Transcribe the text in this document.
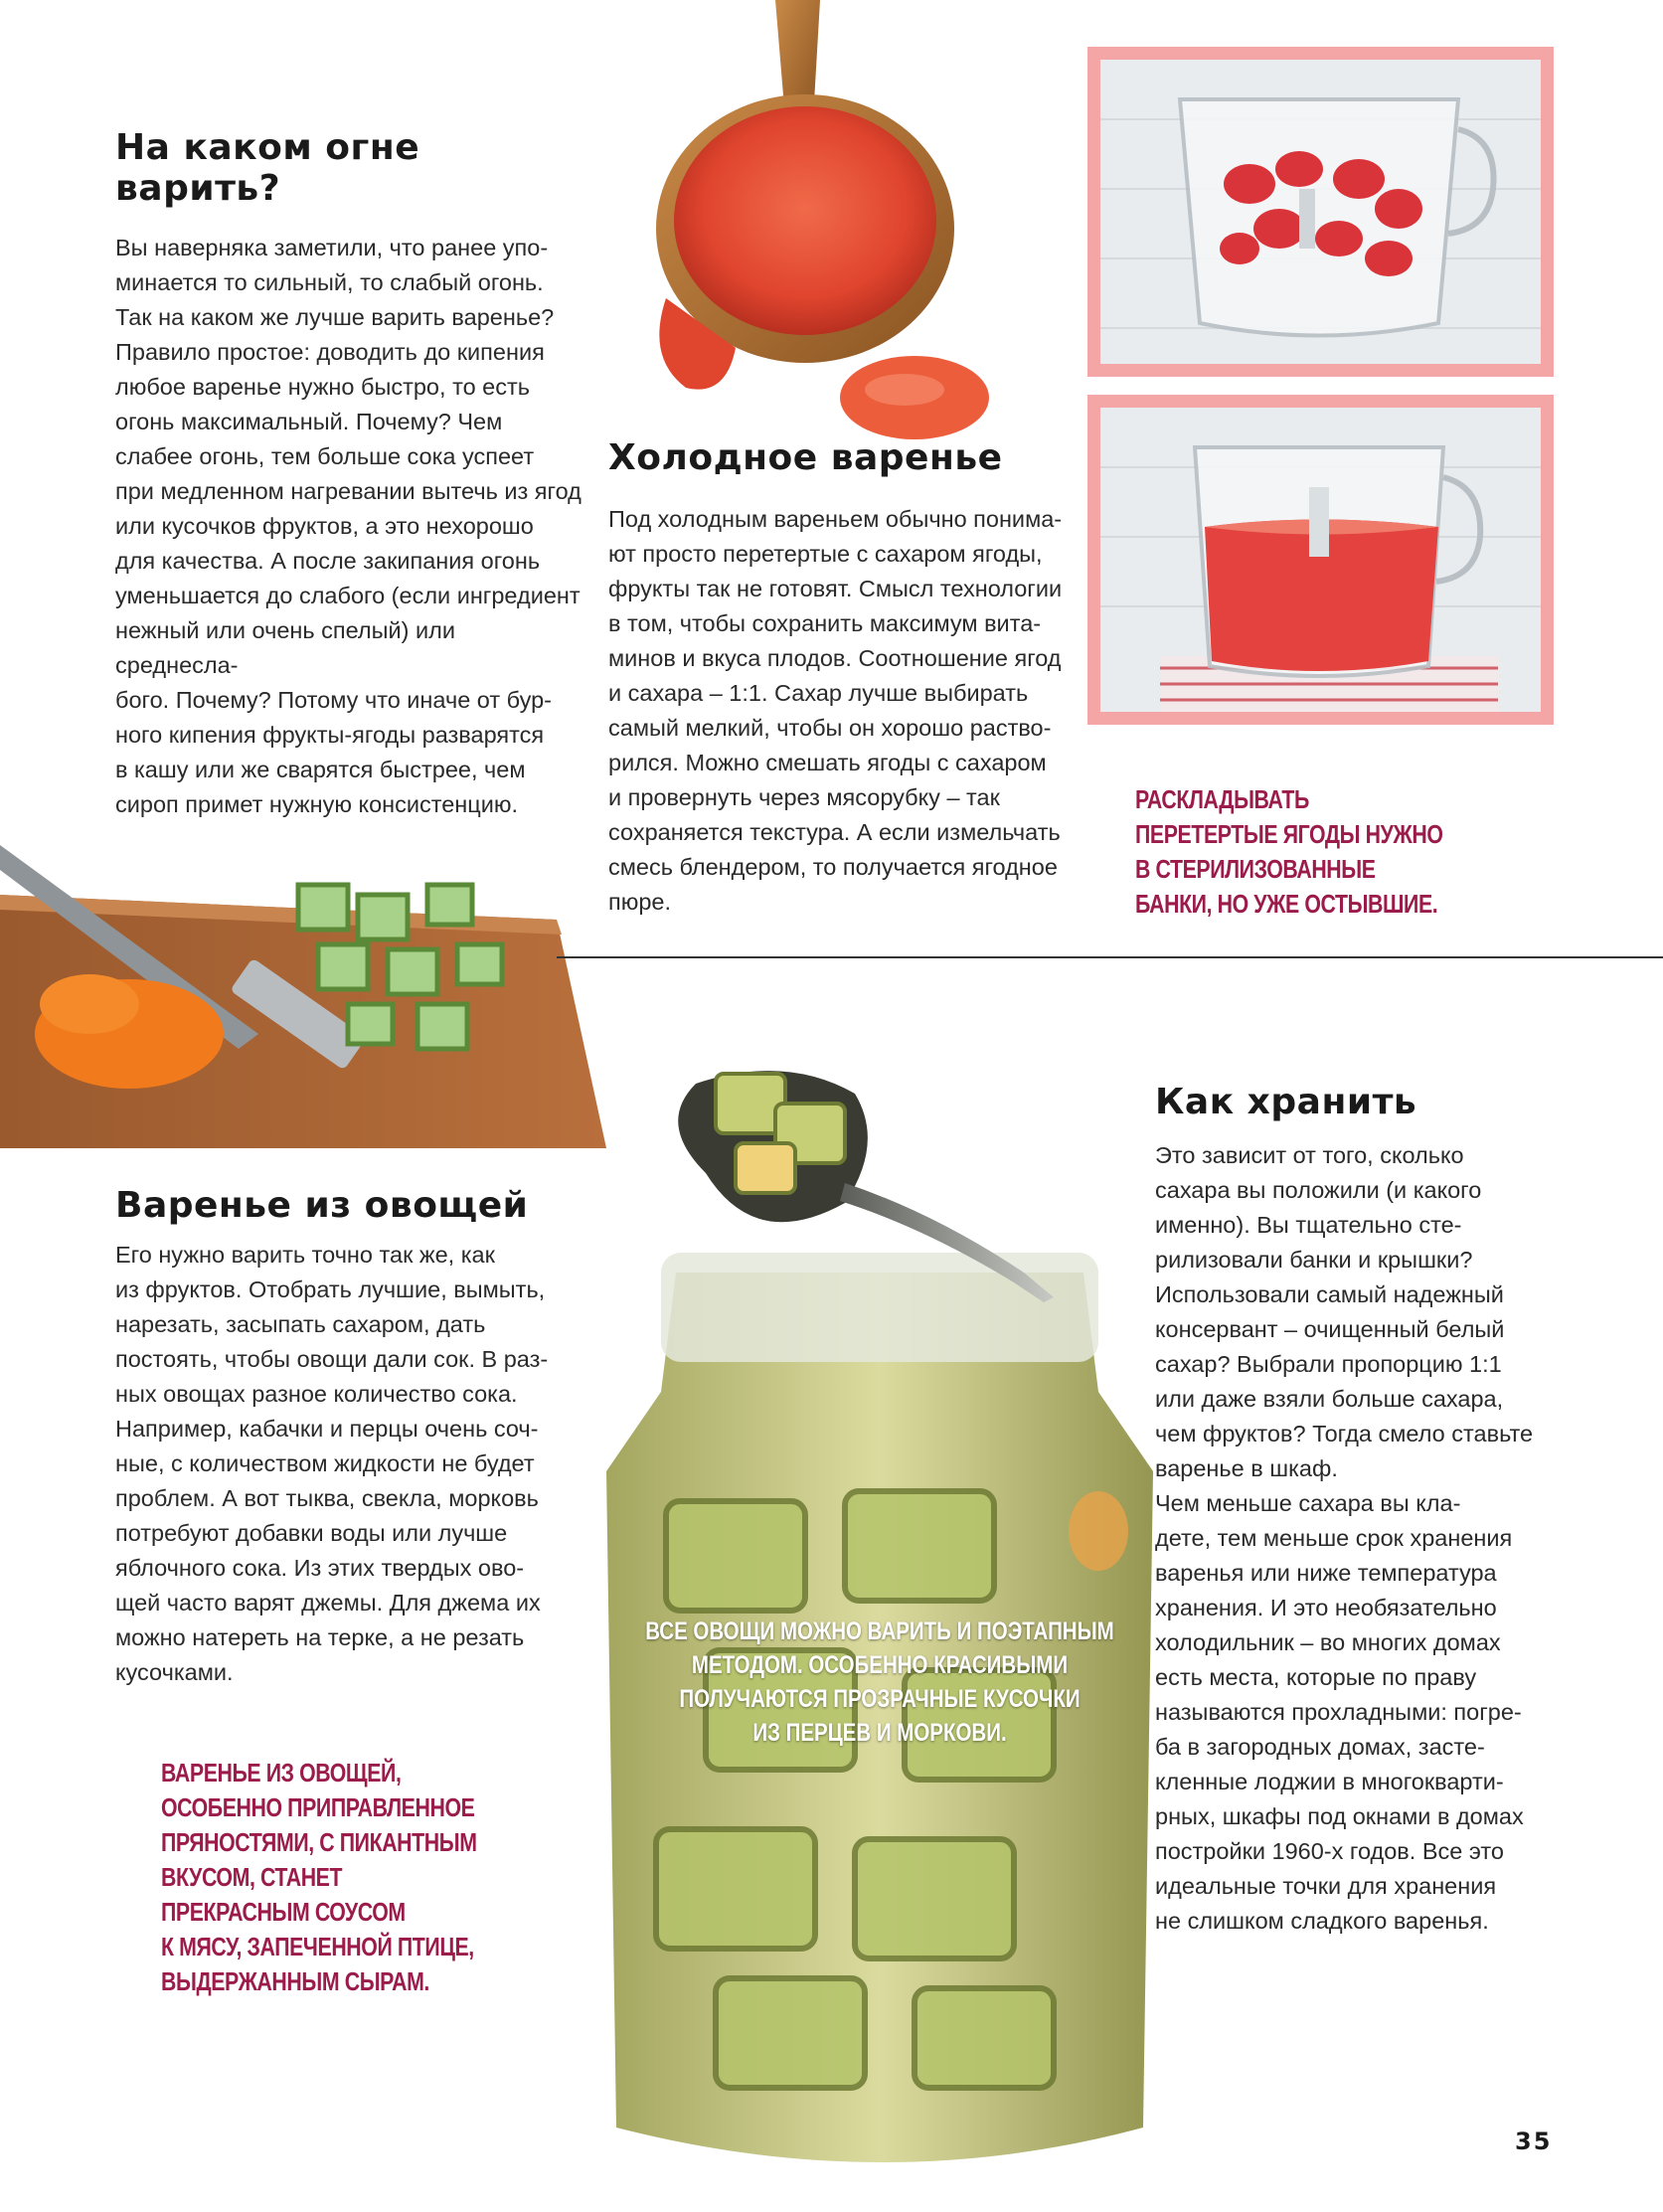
На каком огне варить?
Вы наверняка заметили, что ранее упо-
минается то сильный, то слабый огонь.
Так на каком же лучше варить варенье?
Правило простое: доводить до кипения
любое варенье нужно быстро, то есть
огонь максимальный. Почему? Чем
слабее огонь, тем больше сока успеет
при медленном нагревании вытечь из ягод
или кусочков фруктов, а это нехорошо
для качества. А после закипания огонь
уменьшается до слабого (если ингредиент
нежный или очень спелый) или среднесла-
бого. Почему? Потому что иначе от бур-
ного кипения фрукты-ягоды разварятся
в кашу или же сварятся быстрее, чем
сироп примет нужную консистенцию.
Холодное варенье
Под холодным вареньем обычно понима-
ют просто перетертые с сахаром ягоды,
фрукты так не готовят. Смысл технологии
в том, чтобы сохранить максимум вита-
минов и вкуса плодов. Соотношение ягод
и сахара – 1:1. Сахар лучше выбирать
самый мелкий, чтобы он хорошо раство-
рился. Можно смешать ягоды с сахаром
и провернуть через мясорубку – так
сохраняется текстура. А если измельчать
смесь блендером, то получается ягодное
пюре.
РАСКЛАДЫВАТЬ
ПЕРЕТЕРТЫЕ ЯГОДЫ НУЖНО
В СТЕРИЛИЗОВАННЫЕ
БАНКИ, НО УЖЕ ОСТЫВШИЕ.
Варенье из овощей
Его нужно варить точно так же, как
из фруктов. Отобрать лучшие, вымыть,
нарезать, засыпать сахаром, дать
постоять, чтобы овощи дали сок. В раз-
ных овощах разное количество сока.
Например, кабачки и перцы очень соч-
ные, с количеством жидкости не будет
проблем. А вот тыква, свекла, морковь
потребуют добавки воды или лучше
яблочного сока. Из этих твердых ово-
щей часто варят джемы. Для джема их
можно натереть на терке, а не резать
кусочками.
ВАРЕНЬЕ ИЗ ОВОЩЕЙ,
ОСОБЕННО ПРИПРАВЛЕННОЕ
ПРЯНОСТЯМИ, С ПИКАНТНЫМ
ВКУСОМ, СТАНЕТ
ПРЕКРАСНЫМ СОУСОМ
К МЯСУ, ЗАПЕЧЕННОЙ ПТИЦЕ,
ВЫДЕРЖАННЫМ СЫРАМ.
ВСЕ ОВОЩИ МОЖНО ВАРИТЬ И ПОЭТАПНЫМ
МЕТОДОМ. ОСОБЕННО КРАСИВЫМИ
ПОЛУЧАЮТСЯ ПРОЗРАЧНЫЕ КУСОЧКИ
ИЗ ПЕРЦЕВ И МОРКОВИ.
Как хранить
Это зависит от того, сколько
сахара вы положили (и какого
именно). Вы тщательно сте-
рилизовали банки и крышки?
Использовали самый надежный
консервант – очищенный белый
сахар? Выбрали пропорцию 1:1
или даже взяли больше сахара,
чем фруктов? Тогда смело ставьте
варенье в шкаф.
Чем меньше сахара вы кла-
дете, тем меньше срок хранения
варенья или ниже температура
хранения. И это необязательно
холодильник – во многих домах
есть места, которые по праву
называются прохладными: погре-
ба в загородных домах, засте-
кленные лоджии в многокварти-
рных, шкафы под окнами в домах
постройки 1960-х годов. Все это
идеальные точки для хранения
не слишком сладкого варенья.
35
